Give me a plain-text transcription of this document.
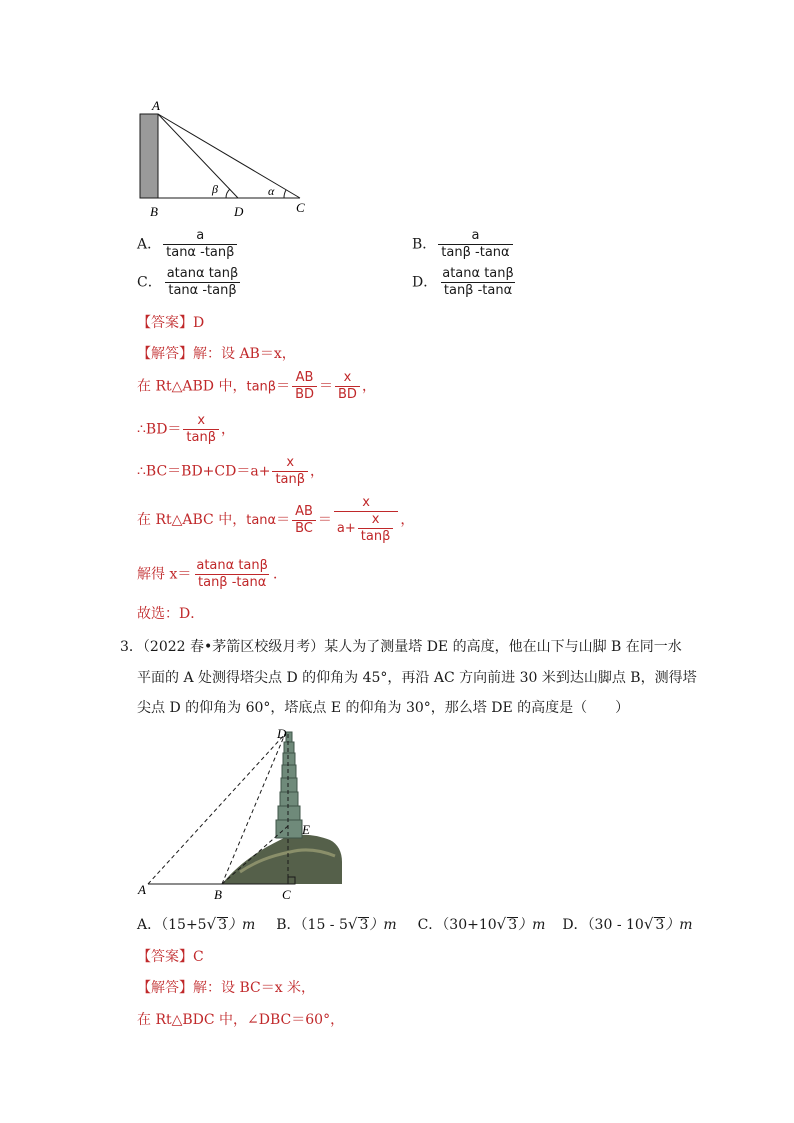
A
B	D	C
β	α
A． $\frac{a}{\tan\alpha -\tan\beta}$	B． $\frac{a}{\tan\beta -\tan\alpha}$
C． $\frac{\text{atanα tanβ}}{\tan\alpha -\tan\beta}$	D． $\frac{\text{atanα tanβ}}{\tan\beta -\tan\alpha}$
【答案】D
【解答】解：设 AB＝x，
在 Rt△ABD 中，$\tan\beta= \frac{AB}{BD} = \frac{x}{BD}$ ，
∴BD＝ $\frac{x}{\tan\beta}$ ，
∴BC＝BD+CD＝a+ $\frac{x}{\tan\beta}$ ，
在 Rt△ABC 中，$\tan\alpha= \frac{AB}{BC} = \frac{x}{a+ \frac{x}{\tan\beta}}$ ，
解得 $x= \frac{\text{atanα tanβ}}{\tan\beta -\tan\alpha}$ ．
故选：D．
3．（2022 春•茅箭区校级月考）某人为了测量塔 DE 的高度，他在山下与山脚 B 在同一水
平面的 A 处测得塔尖点 D 的仰角为 45°，再沿 AC 方向前进 30 米到达山脚点 B，测得塔
尖点 D 的仰角为 60°，塔底点 E 的仰角为 30°，那么塔 DE 的高度是（　　）
D
E
A	B	C
A．（15+5√ 3）m B．（15 - 5√ 3）m C．（30+10√ 3）m D．（30 - 10√ 3）m
【答案】C
【解答】解：设 BC＝x 米，
在 Rt△BDC 中，∠DBC＝60°，
